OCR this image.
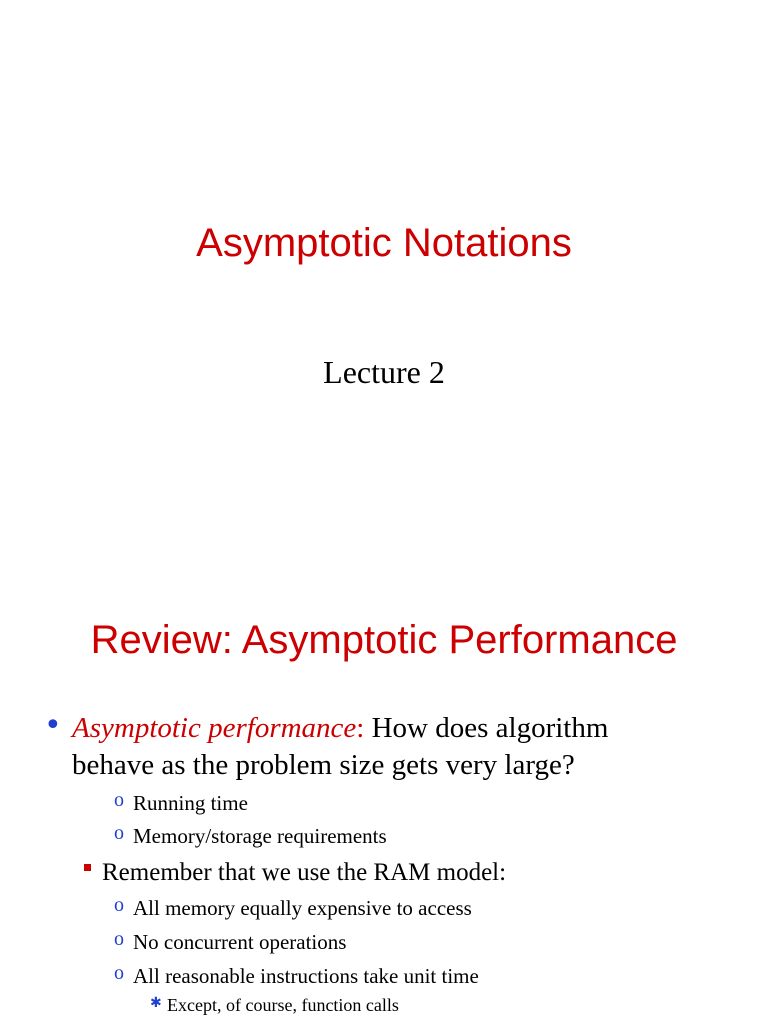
Asymptotic Notations
Lecture 2
Review: Asymptotic Performance
• Asymptotic performance: How does algorithm
behave as the problem size gets very large?
o Running time
o Memory/storage requirements
Remember that we use the RAM model:
o All memory equally expensive to access
o No concurrent operations
o All reasonable instructions take unit time
✱ Except, of course, function calls
